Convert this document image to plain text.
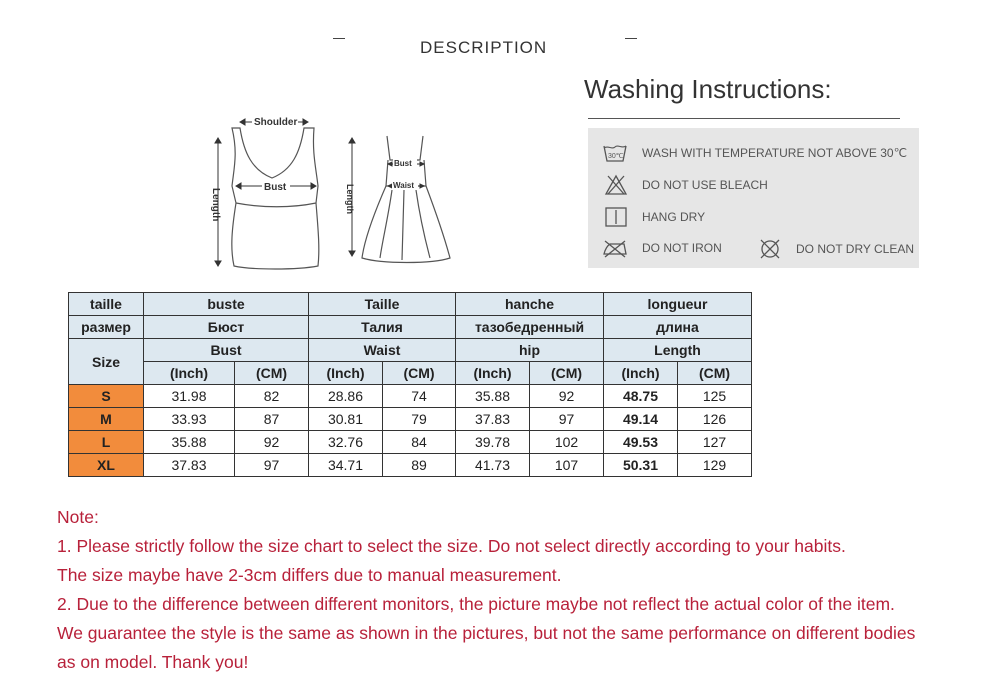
DESCRIPTION
Shoulder
Bust
Length
Bust
Waist
Length
Washing Instructions:
30℃ WASH WITH TEMPERATURE NOT ABOVE 30℃
DO NOT USE BLEACH
HANG DRY
DO NOT IRON	DO NOT DRY CLEAN
taille	buste		Taille		hanche		longueur	
размер	Бюст		Талия		тазобедренный		длина	
Size	Bust		Waist		hip		Length	
	(Inch)	(CM)	(Inch)	(CM)	(Inch)	(CM)	(Inch)	(CM)
S	31.98	82	28.86	74	35.88	92	48.75	125
M	33.93	87	30.81	79	37.83	97	49.14	126
L	35.88	92	32.76	84	39.78	102	49.53	127
XL	37.83	97	34.71	89	41.73	107	50.31	129
Note:
1. Please strictly follow the size chart to select the size. Do not select directly according to your habits.
The size maybe have 2-3cm differs due to manual measurement.
2. Due to the difference between different monitors, the picture maybe not reflect the actual color of the item.
We guarantee the style is the same as shown in the pictures, but not the same performance on different bodies
as on model. Thank you!
